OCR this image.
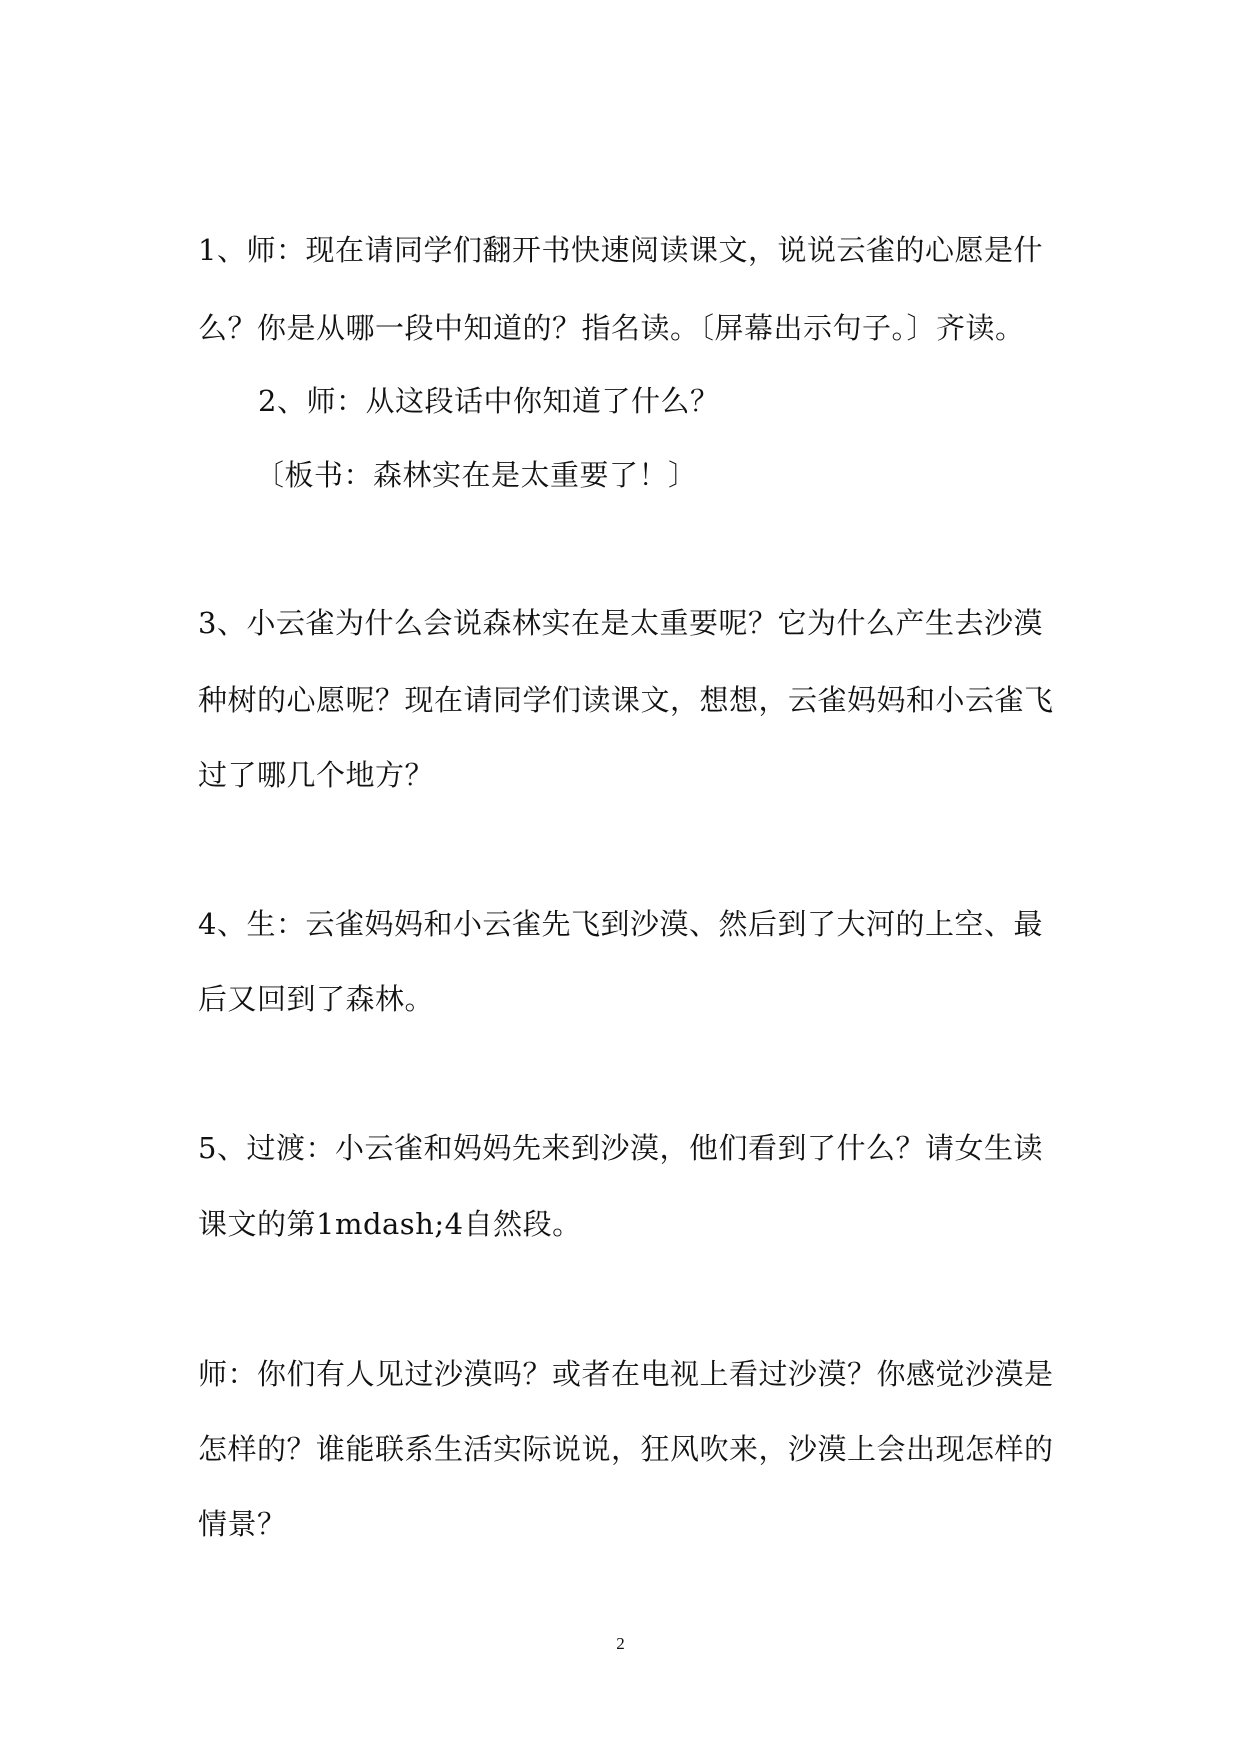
1、师：现在请同学们翻开书快速阅读课文，说说云雀的心愿是什
么？你是从哪一段中知道的？指名读。〔屏幕出示句子。〕齐读。
2、师：从这段话中你知道了什么？
〔板书：森林实在是太重要了！〕
3、小云雀为什么会说森林实在是太重要呢？它为什么产生去沙漠
种树的心愿呢？现在请同学们读课文，想想，云雀妈妈和小云雀飞
过了哪几个地方？
4、生：云雀妈妈和小云雀先飞到沙漠、然后到了大河的上空、最
后又回到了森林。
5、过渡：小云雀和妈妈先来到沙漠，他们看到了什么？请女生读
课文的第1mdash;4自然段。
师：你们有人见过沙漠吗？或者在电视上看过沙漠？你感觉沙漠是
怎样的？谁能联系生活实际说说，狂风吹来，沙漠上会出现怎样的
情景？
2
